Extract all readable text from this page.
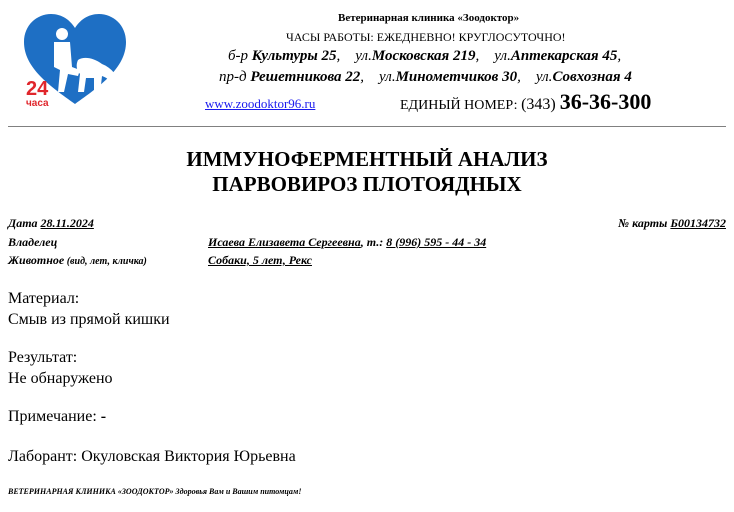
24
часа
Ветеринарная клиника «Зоодоктор»
ЧАСЫ РАБОТЫ: ЕЖЕДНЕВНО! КРУГЛОСУТОЧНО!
б-р Культуры 25,    ул.Московская 219,    ул.Аптекарская 45,
пр-д Решетникова 22,    ул.Минометчиков 30,    ул.Совхозная 4
www.zoodoktor96.ru	ЕДИНЫЙ НОМЕР: (343) 36-36-300
ИММУНОФЕРМЕНТНЫЙ АНАЛИЗ
ПАРВОВИРОЗ ПЛОТОЯДНЫХ
Дата 28.11.2024	№ карты Б00134732
Владелец	Исаева Елизавета Сергеевна, т.: 8 (996) 595 - 44 - 34
Животное (вид, лет, кличка)	Собаки, 5 лет, Рекс
Материал:
Смыв из прямой кишки
Результат:
Не обнаружено
Примечание: -
Лаборант: Окуловская Виктория Юрьевна
ВЕТЕРИНАРНАЯ КЛИНИКА «ЗООДОКТОР» Здоровья Вам и Вашим питомцам!
